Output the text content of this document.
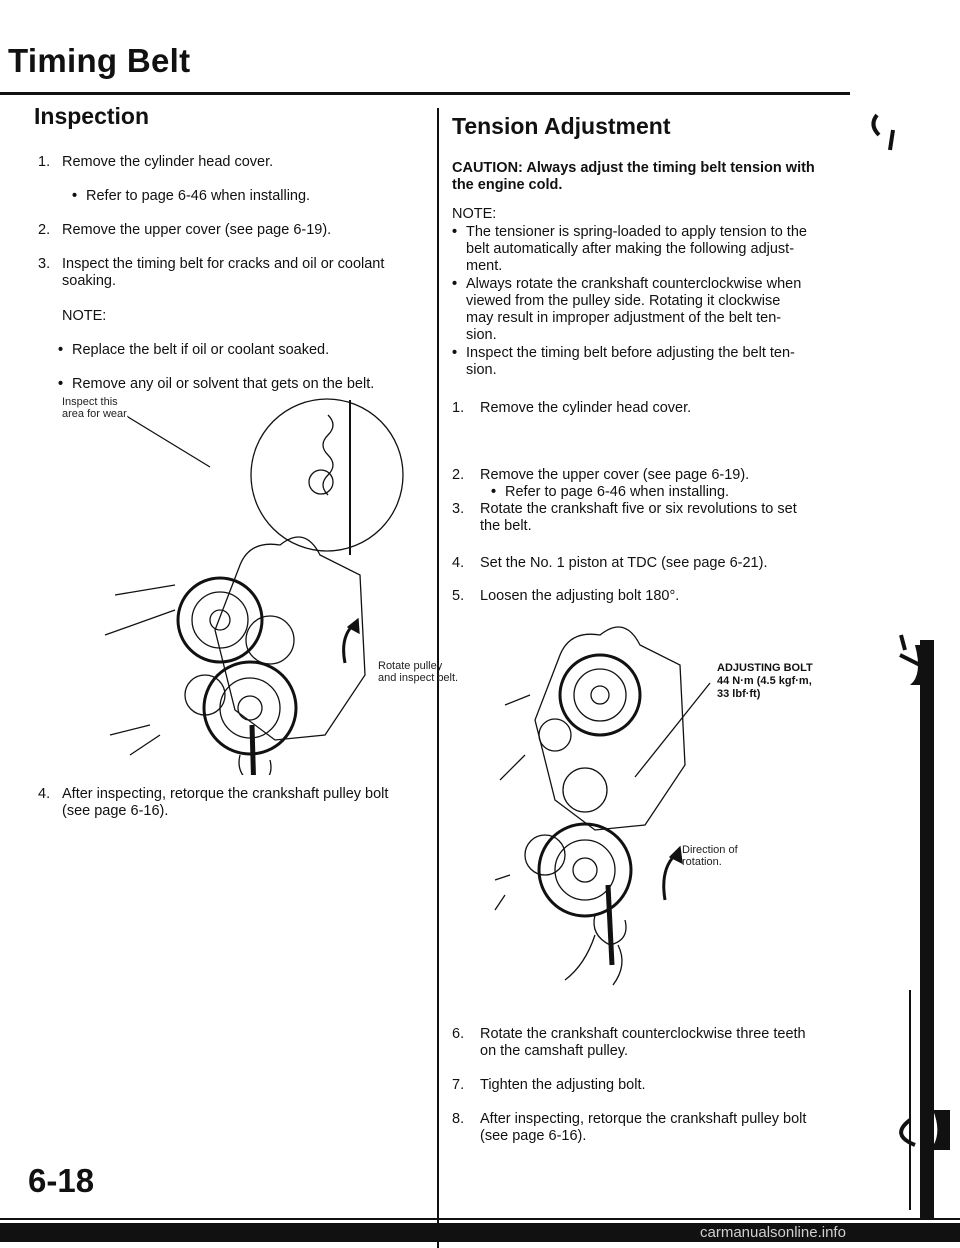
Timing Belt
Inspection
1. Remove the cylinder head cover.
• Refer to page 6-46 when installing.
2. Remove the upper cover (see page 6-19).
3. Inspect the timing belt for cracks and oil or coolant
soaking.
NOTE:
• Replace the belt if oil or coolant soaked.
• Remove any oil or solvent that gets on the belt.
Inspect this
area for wear.
Rotate pulley
and inspect belt.
4. After inspecting, retorque the crankshaft pulley bolt
(see page 6-16).
6-18
Tension Adjustment
CAUTION: Always adjust the timing belt tension with
the engine cold.
NOTE:
• The tensioner is spring-loaded to apply tension to the
belt automatically after making the following adjust-
ment.
• Always rotate the crankshaft counterclockwise when
viewed from the pulley side. Rotating it clockwise
may result in improper adjustment of the belt ten-
sion.
• Inspect the timing belt before adjusting the belt ten-
sion.
1. Remove the cylinder head cover.
• Refer to page 6-46 when installing.
2. Remove the upper cover (see page 6-19).
3. Rotate the crankshaft five or six revolutions to set
the belt.
4. Set the No. 1 piston at TDC (see page 6-21).
5. Loosen the adjusting bolt 180°.
ADJUSTING BOLT
44 N·m (4.5 kgf·m,
33 lbf·ft)
Direction of
rotation.
6. Rotate the crankshaft counterclockwise three teeth
on the camshaft pulley.
7. Tighten the adjusting bolt.
8. After inspecting, retorque the crankshaft pulley bolt
(see page 6-16).
carmanualsonline.info
